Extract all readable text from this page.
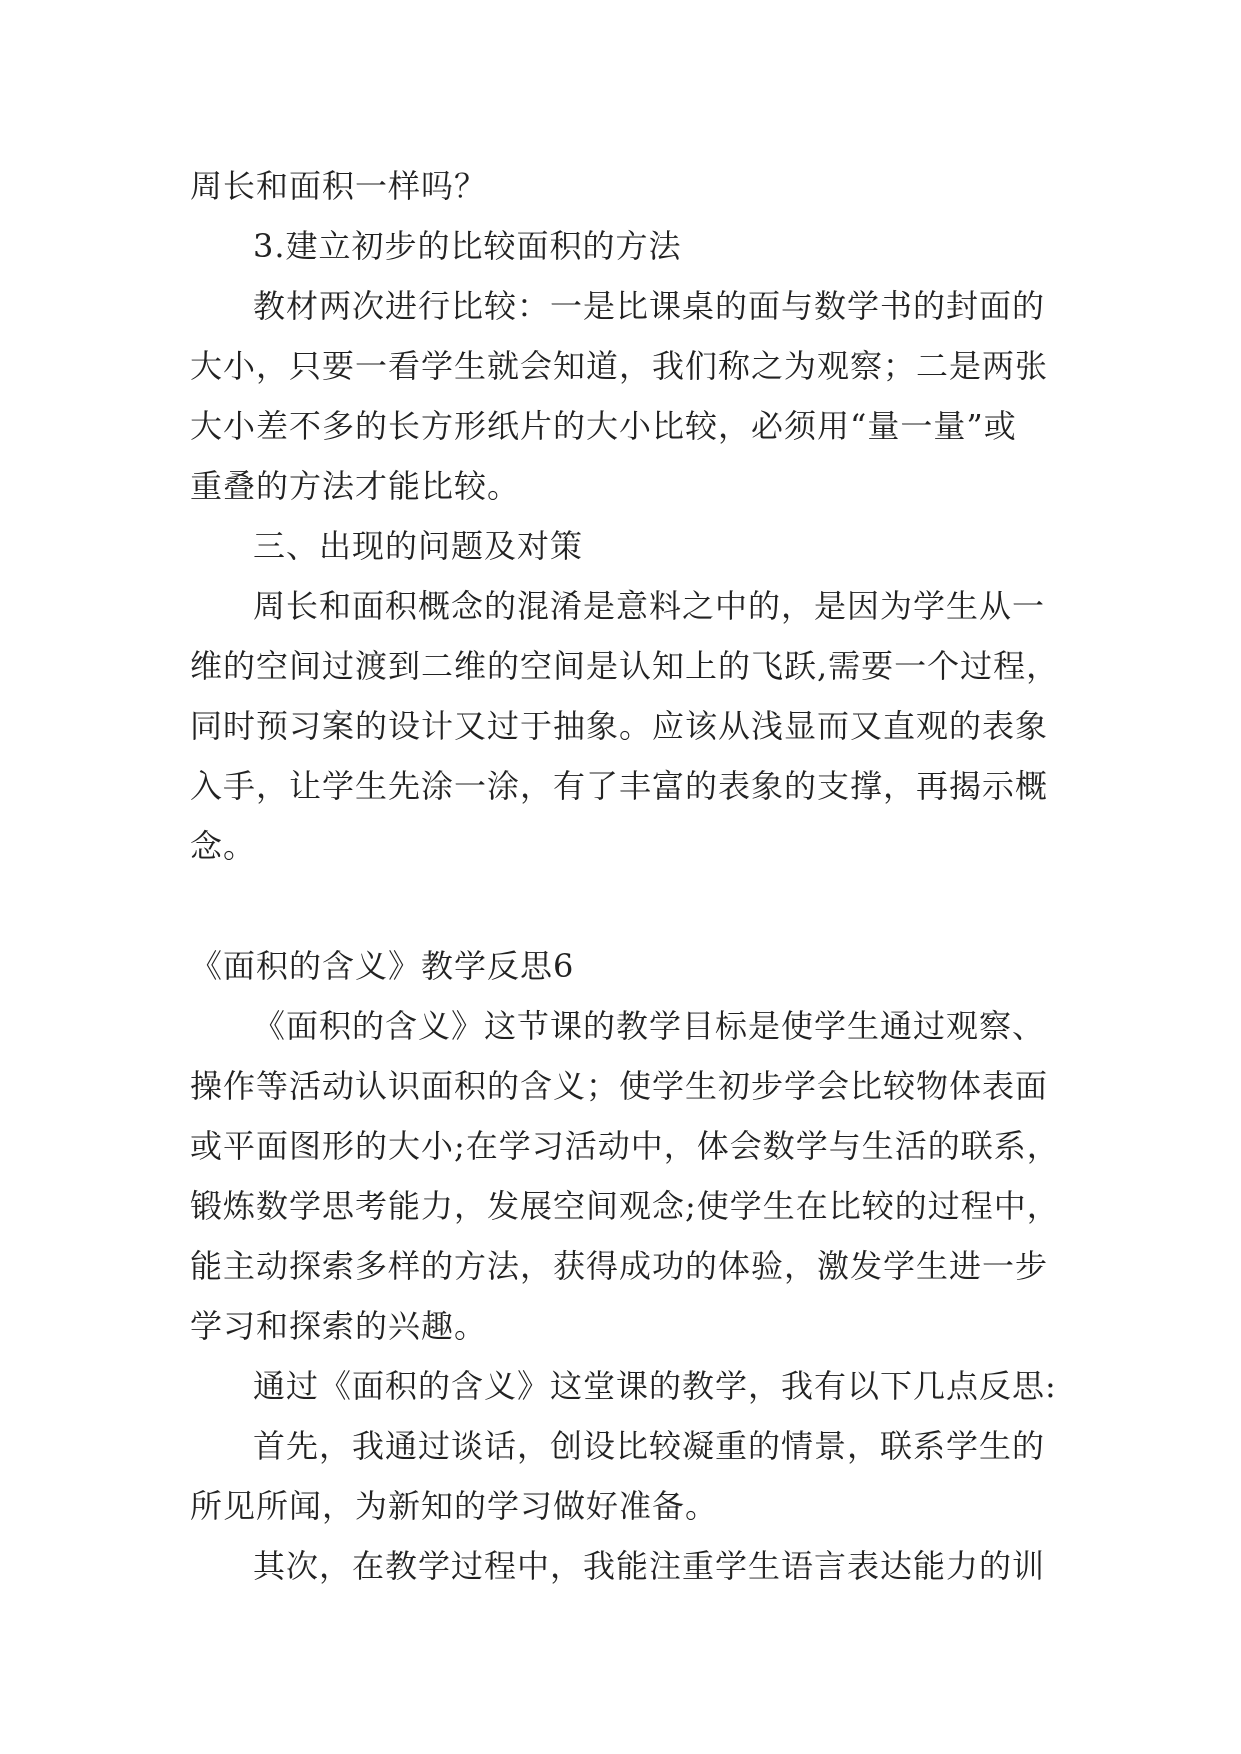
周长和面积一样吗？
3.建立初步的比较面积的方法
教材两次进行比较：一是比课桌的面与数学书的封面的
大小，只要一看学生就会知道，我们称之为观察；二是两张
大小差不多的长方形纸片的大小比较，必须用“量一量”或
重叠的方法才能比较。
三、出现的问题及对策
周长和面积概念的混淆是意料之中的，是因为学生从一
维的空间过渡到二维的空间是认知上的飞跃,需要一个过程，
同时预习案的设计又过于抽象。应该从浅显而又直观的表象
入手，让学生先涂一涂，有了丰富的表象的支撑，再揭示概
念。
《面积的含义》教学反思6
《面积的含义》这节课的教学目标是使学生通过观察、
操作等活动认识面积的含义；使学生初步学会比较物体表面
或平面图形的大小;在学习活动中，体会数学与生活的联系，
锻炼数学思考能力，发展空间观念;使学生在比较的过程中，
能主动探索多样的方法，获得成功的体验，激发学生进一步
学习和探索的兴趣。
通过《面积的含义》这堂课的教学，我有以下几点反思:
首先，我通过谈话，创设比较凝重的情景，联系学生的
所见所闻，为新知的学习做好准备。
其次，在教学过程中，我能注重学生语言表达能力的训
